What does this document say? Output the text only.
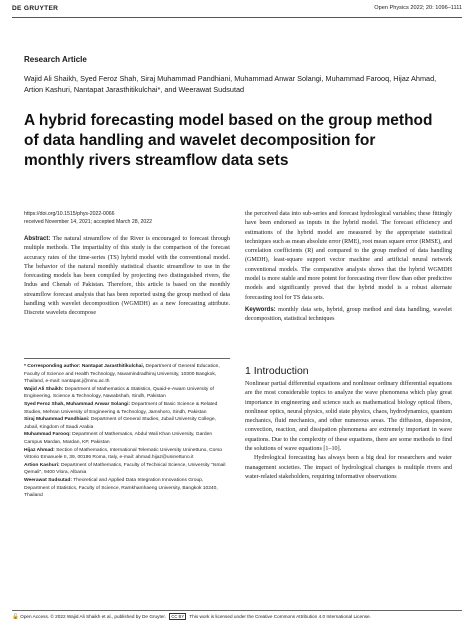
DE GRUYTER	Open Physics 2022; 20: 1096–1111
Research Article
Wajid Ali Shaikh, Syed Feroz Shah, Siraj Muhammad Pandhiani, Muhammad Anwar Solangi, Muhammad Farooq, Hijaz Ahmad, Artion Kashuri, Nantapat Jarasthitikulchai*, and Weerawat Sudsutad
A hybrid forecasting model based on the group method of data handling and wavelet decomposition for monthly rivers streamflow data sets
https://doi.org/10.1515/phys-2022-0066
received November 14, 2021; accepted March 28, 2022
Abstract: The natural streamflow of the River is encouraged to forecast through multiple methods. The impartiality of this study is the comparison of the forecast accuracy rates of the time-series (TS) hybrid model with the conventional model. The behavior of the natural monthly statistical chaotic streamflow to use in the forecasting models has been compiled by projecting two distinguished rivers, the Indus and Chenab of Pakistan. Therefore, this article is based on the monthly streamflow forecast analysis that has been reported using the group method of data handling with wavelet decomposition (WGMDH) as a new forecasting attribute. Discrete wavelets decompose
the perceived data into sub-series and forecast hydrological variables; these fittingly have been endorsed as inputs in the hybrid model. The forecast efficiency and estimations of the hybrid model are measured by the appropriate statistical techniques such as mean absolute error (RME), root mean square error (RMSE), and correlation coefficients (R) and compared to the group method of data handling (GMDH), least-square support vector machine and artificial neural network conventional models. The comparative analysis shows that the hybrid WGMDH model is more stable and more potent for forecasting river flow than other predictive models and significantly proved that the hybrid model is a robust alternate forecasting tool for TS data sets.
Keywords: monthly data sets, hybrid, group method and data handling, wavelet decomposition, statistical techniques
* Corresponding author: Nantapat Jarasthitikulchai, Department of General Education, Faculty of Science and Health Technology, Navamindradhiraj University, 10300 Bangkok, Thailand, e-mail: nantapat.j@nmu.ac.th
Wajid Ali Shaikh: Department of Mathematics & Statistics, Quaid-e-Awam University of Engineering, Science & Technology, Nawabshah, Sindh, Pakistan
Syed Feroz Shah, Muhammad Anwar Solangi: Department of Basic Science & Related Studies, Mehran University of Engineering & Technology, Jamshoro, Sindh, Pakistan
Siraj Muhammad Pandhiani: Department of General Studies, Jubail University College, Jubail, Kingdom of Saudi Arabia
Muhammad Farooq: Department of Mathematics, Abdul Wali Khan University, Garden Campus Mardan, Mardan, KP, Pakistan
Hijaz Ahmad: Section of Mathematics, International Telematic University Uninettuno, Corso Vittorio Emanuele II, 39, 00186 Roma, Italy, e-mail: ahmad.hijaz@uninettuno.it
Artion Kashuri: Department of Mathematics, Faculty of Technical Science, University "Ismail Qemali", 9400 Vlora, Albania
Weerawat Sudsutad: Theoretical and Applied Data Integration Innovations Group, Department of Statistics, Faculty of Science, Ramkhamhaeng University, Bangkok 10240, Thailand
1 Introduction
Nonlinear partial differential equations and nonlinear ordinary differential equations are the most considerable topics to analyze the wave phenomena which play great importance in engineering and science such as mathematical biology optical fibers, nonlinear optics, neural physics, solid state physics, chaos, hydrodynamics, quantum mechanics, fluid mechanics, and other numerous areas. The diffusion, dispersion, convection, reaction, and dissipation phenomena are extremely important in wave equations. Due to the complexity of these equations, there are some methods to find the solutions of wave equations [1–10].
Hydrological forecasting has always been a big deal for researchers and water management societies. The impact of hydrological changes is multiple rivers and water-related stakeholders, requiring informative observations
🔓 Open Access. © 2022 Wajid Ali Shaikh et al., published by De Gruyter. CC BY This work is licensed under the Creative Commons Attribution 4.0 International License.
